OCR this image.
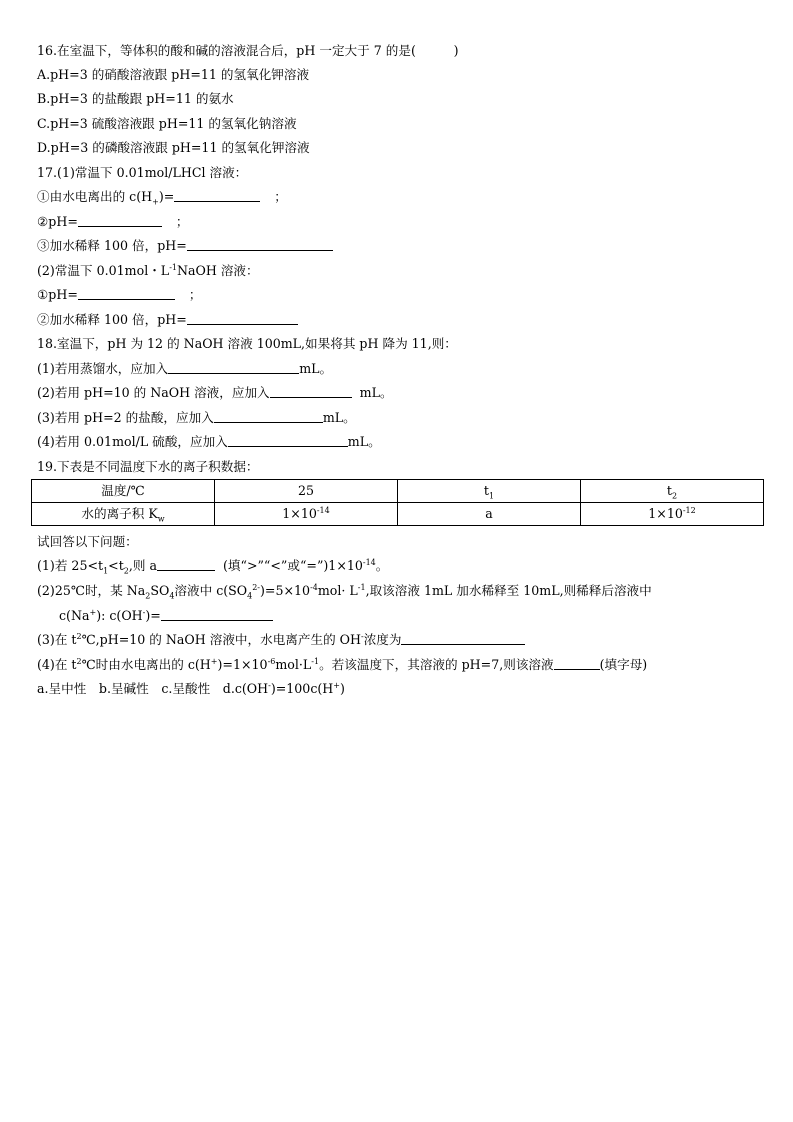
16.在室温下，等体积的酸和碱的溶液混合后，pH 一定大于 7 的是(　　　)
A.pH=3 的硝酸溶液跟 pH=11 的氢氧化钾溶液
B.pH=3 的盐酸跟 pH=11 的氨水
C.pH=3 硫酸溶液跟 pH=11 的氢氧化钠溶液
D.pH=3 的磷酸溶液跟 pH=11 的氢氧化钾溶液
17.(1)常温下 0.01mol/LHCl 溶液：
①由水电离出的 $c(H_+)=$	；
②pH=	；
③加水稀释 100 倍，pH=
(2)常温下 0.01mol・$L^{-1}NaOH$ 溶液：
①pH=	；
②加水稀释 100 倍，pH=
18.室温下，pH 为 12 的 NaOH 溶液 100mL,如果将其 pH 降为 11,则：
(1)若用蒸馏水，应加入	mL。
(2)若用 pH=10 的 NaOH 溶液，应加入	mL。
(3)若用 pH=2 的盐酸，应加入	mL。
(4)若用 0.01mol/L 硫酸，应加入	mL。
19.下表是不同温度下水的离子积数据：
温度/℃	25	$t_1$	$t_2$
水的离子积 $K_w$	$1\times 10^{-14}$	a	$1\times 10^{-12}$
试回答以下问题：
(1)若 $25<t_1<t_2$,则 a	(填“>”“<”或“$=”)1\times 10^{-14}$。
(2)25℃时，某 $Na_2SO_4$溶液中 $c(SO_4^{2-})=5\times 10^{-4}mol\cdot L^{-1}$,取该溶液 1mL 加水稀释至 10mL,则稀释后溶液中
c(Na+): c(OH-)=
(3)在 $t^2℃,pH=10$ 的 NaOH 溶液中，水电离产生的 OH-浓度为
(4)在 $t^2℃$时由水电离出的 $c(H^+)=1\times 10^{-6}mol\cdot L^{-1}$。若该温度下，其溶液的 pH=7,则该溶液	(填字母)
a.呈中性　b.呈碱性　c.呈酸性　d.c(OH-)=100c(H+)
